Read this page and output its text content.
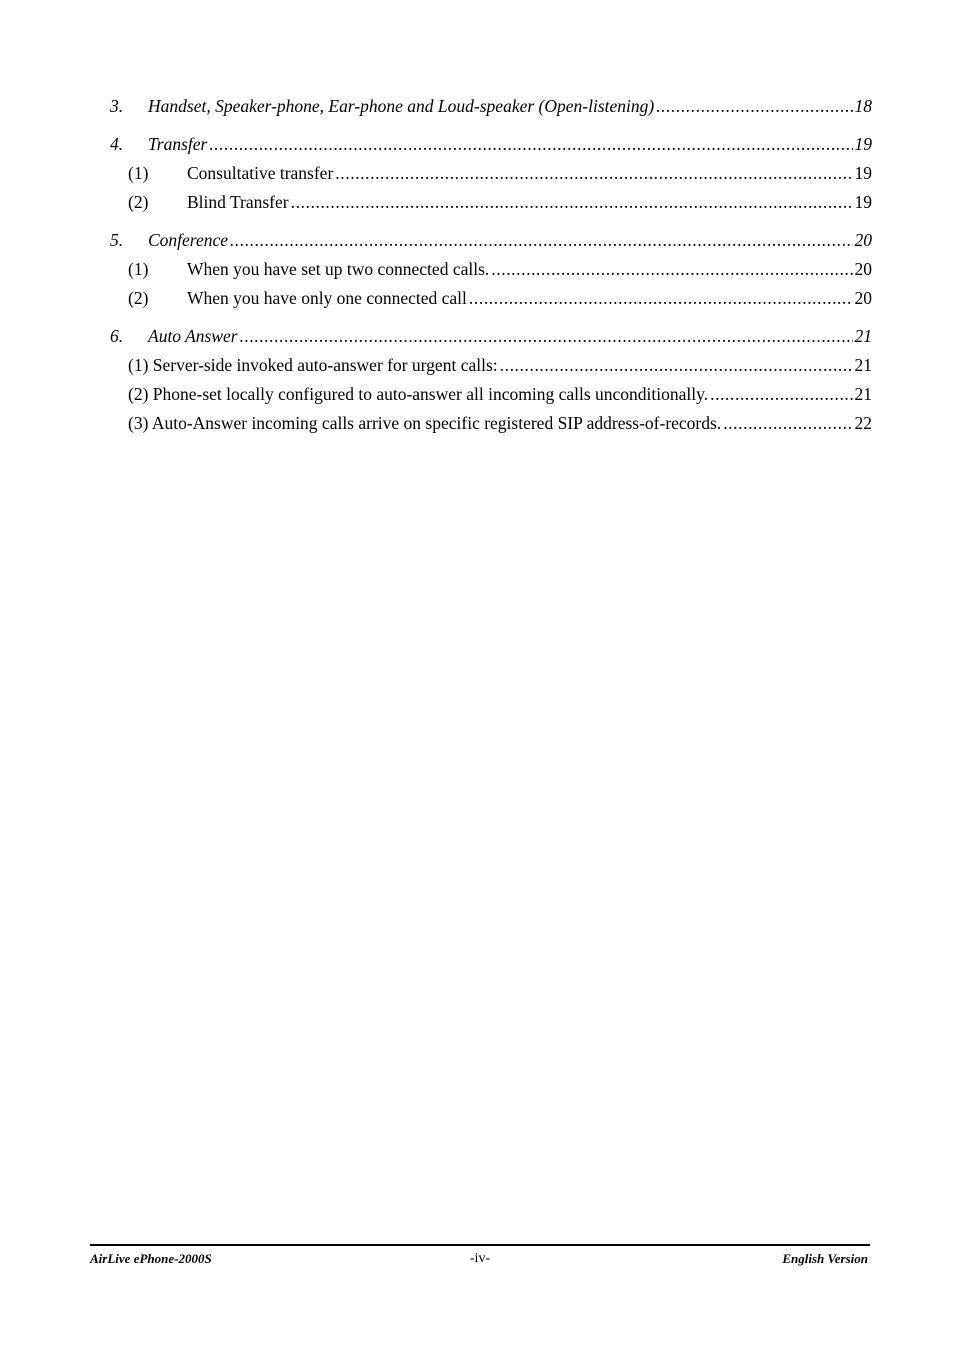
3.	Handset, Speaker-phone, Ear-phone and Loud-speaker (Open-listening) .....	18
4.	Transfer .....	19
(1)	Consultative transfer .....	19
(2)	Blind Transfer .....	19
5.	Conference .....	20
(1)	When you have set up two connected calls. .....	20
(2)	When you have only one connected call .....	20
6.	Auto Answer .....	21
(1) Server-side invoked auto-answer for urgent calls: .....	21
(2) Phone-set locally configured to auto-answer all incoming calls unconditionally. .....	21
(3) Auto-Answer incoming calls arrive on specific registered SIP address-of-records. .....	22
AirLive ePhone-2000S	-iv-	English Version
